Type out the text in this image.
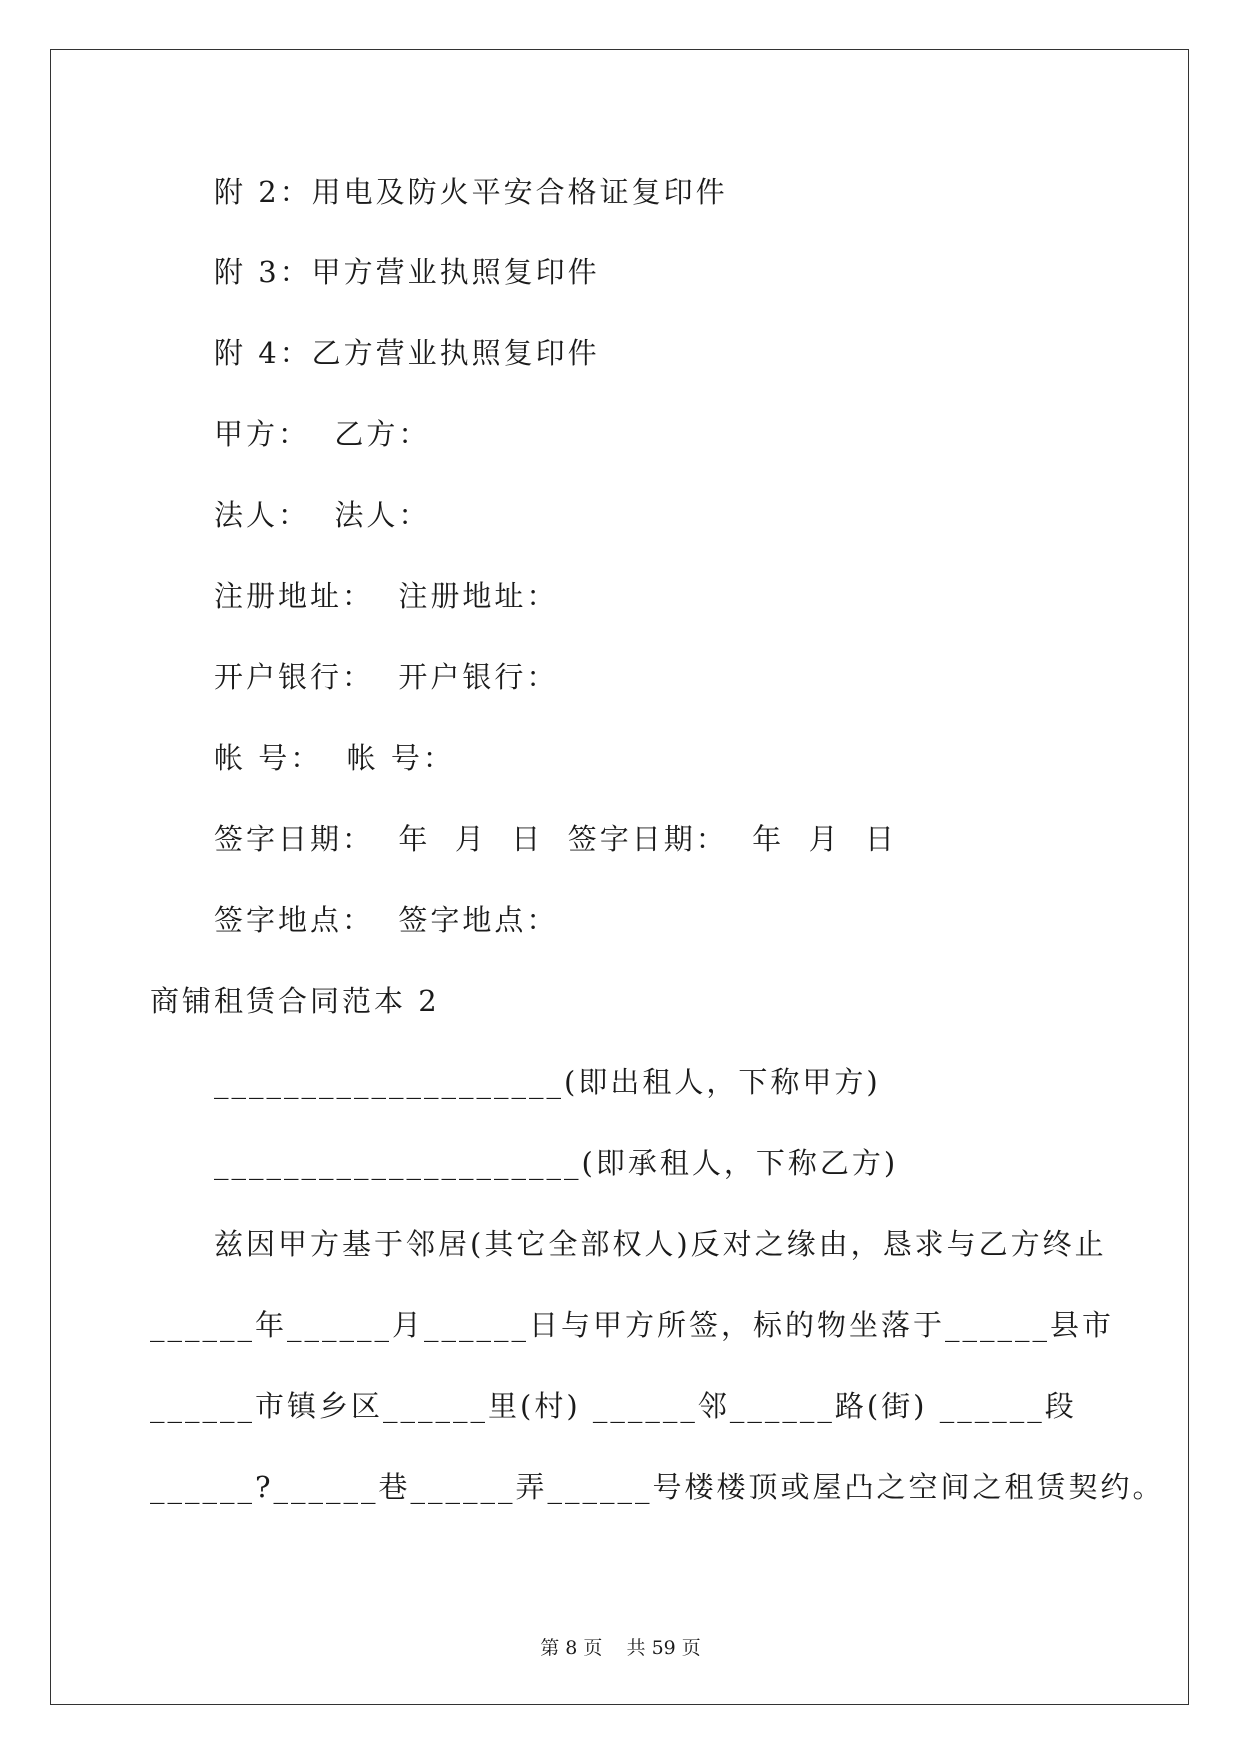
附 2：用电及防火平安合格证复印件
附 3：甲方营业执照复印件
附 4：乙方营业执照复印件
甲方：  乙方：
法人：  法人：
注册地址：  注册地址：
开户银行：  开户银行：
帐 号：  帐 号：
签字日期：  年  月  日  签字日期：  年  月  日
签字地点：  签字地点：
商铺租赁合同范本 2
____________________(即出租人，下称甲方)
_____________________(即承租人，下称乙方)
兹因甲方基于邻居(其它全部权人)反对之缘由，恳求与乙方终止
______年______月______日与甲方所签，标的物坐落于______县市
______市镇乡区______里(村) ______邻______路(街) ______段
______?______巷______弄______号楼楼顶或屋凸之空间之租赁契约。
第 8 页    共 59 页
